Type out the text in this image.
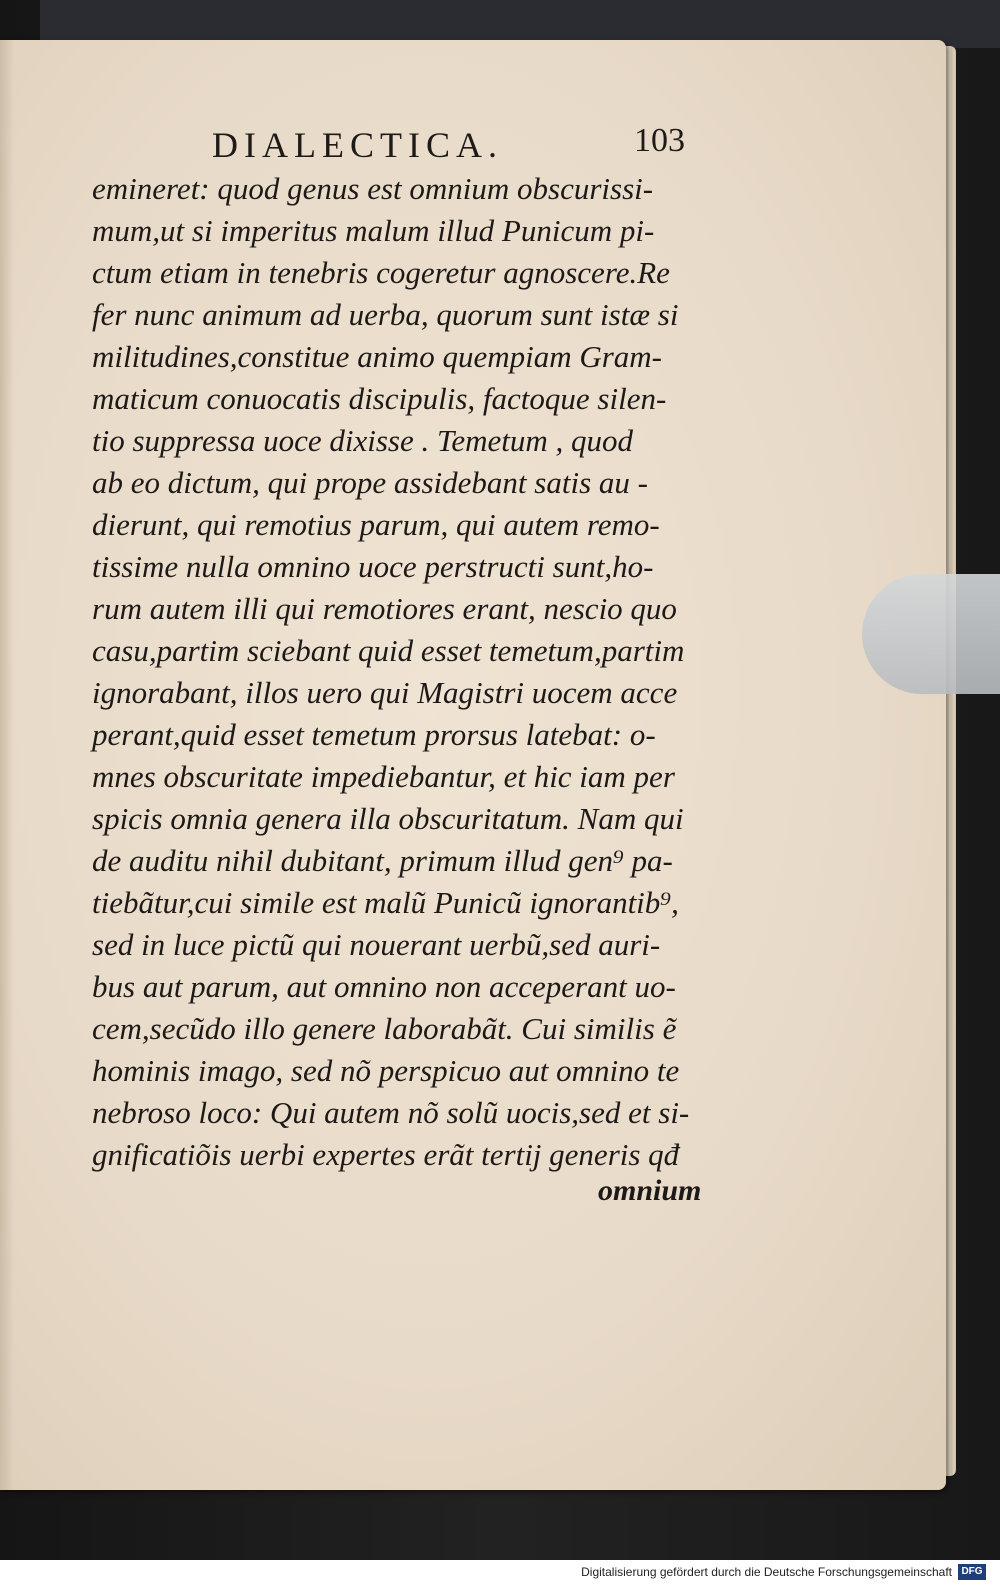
DIALECTICA.	103
emineret: quod genus est omnium obscurissi-
mum,ut si imperitus malum illud Punicum pi-
ctum etiam in tenebris cogeretur agnoscere.Re
fer nunc animum ad uerba, quorum sunt istæ si
militudines,constitue animo quempiam Gram-
maticum conuocatis discipulis, factoque silen-
tio suppressa uoce dixisse . Temetum , quod
ab eo dictum, qui prope assidebant satis au -
dierunt, qui remotius parum, qui autem remo-
tissime nulla omnino uoce perstructi sunt,ho-
rum autem illi qui remotiores erant, nescio quo
casu,partim sciebant quid esset temetum,partim
ignorabant, illos uero qui Magistri uocem acce
perant,quid esset temetum prorsus latebat: o-
mnes obscuritate impediebantur, et hic iam per
spicis omnia genera illa obscuritatum. Nam qui
de auditu nihil dubitant, primum illud gen⁹ pa-
tiebãtur,cui simile est malũ Punicũ ignorantib⁹,
sed in luce pictũ qui nouerant uerbũ,sed auri-
bus aut parum, aut omnino non acceperant uo-
cem,secũdo illo genere laborabãt. Cui similis ẽ
hominis imago, sed nõ perspicuo aut omnino te
nebroso loco: Qui autem nõ solũ uocis,sed et si-
gnificatiõis uerbi expertes erãt tertij generis qđ
omnium
Digitalisierung gefördert durch die Deutsche Forschungsgemeinschaft DFG
